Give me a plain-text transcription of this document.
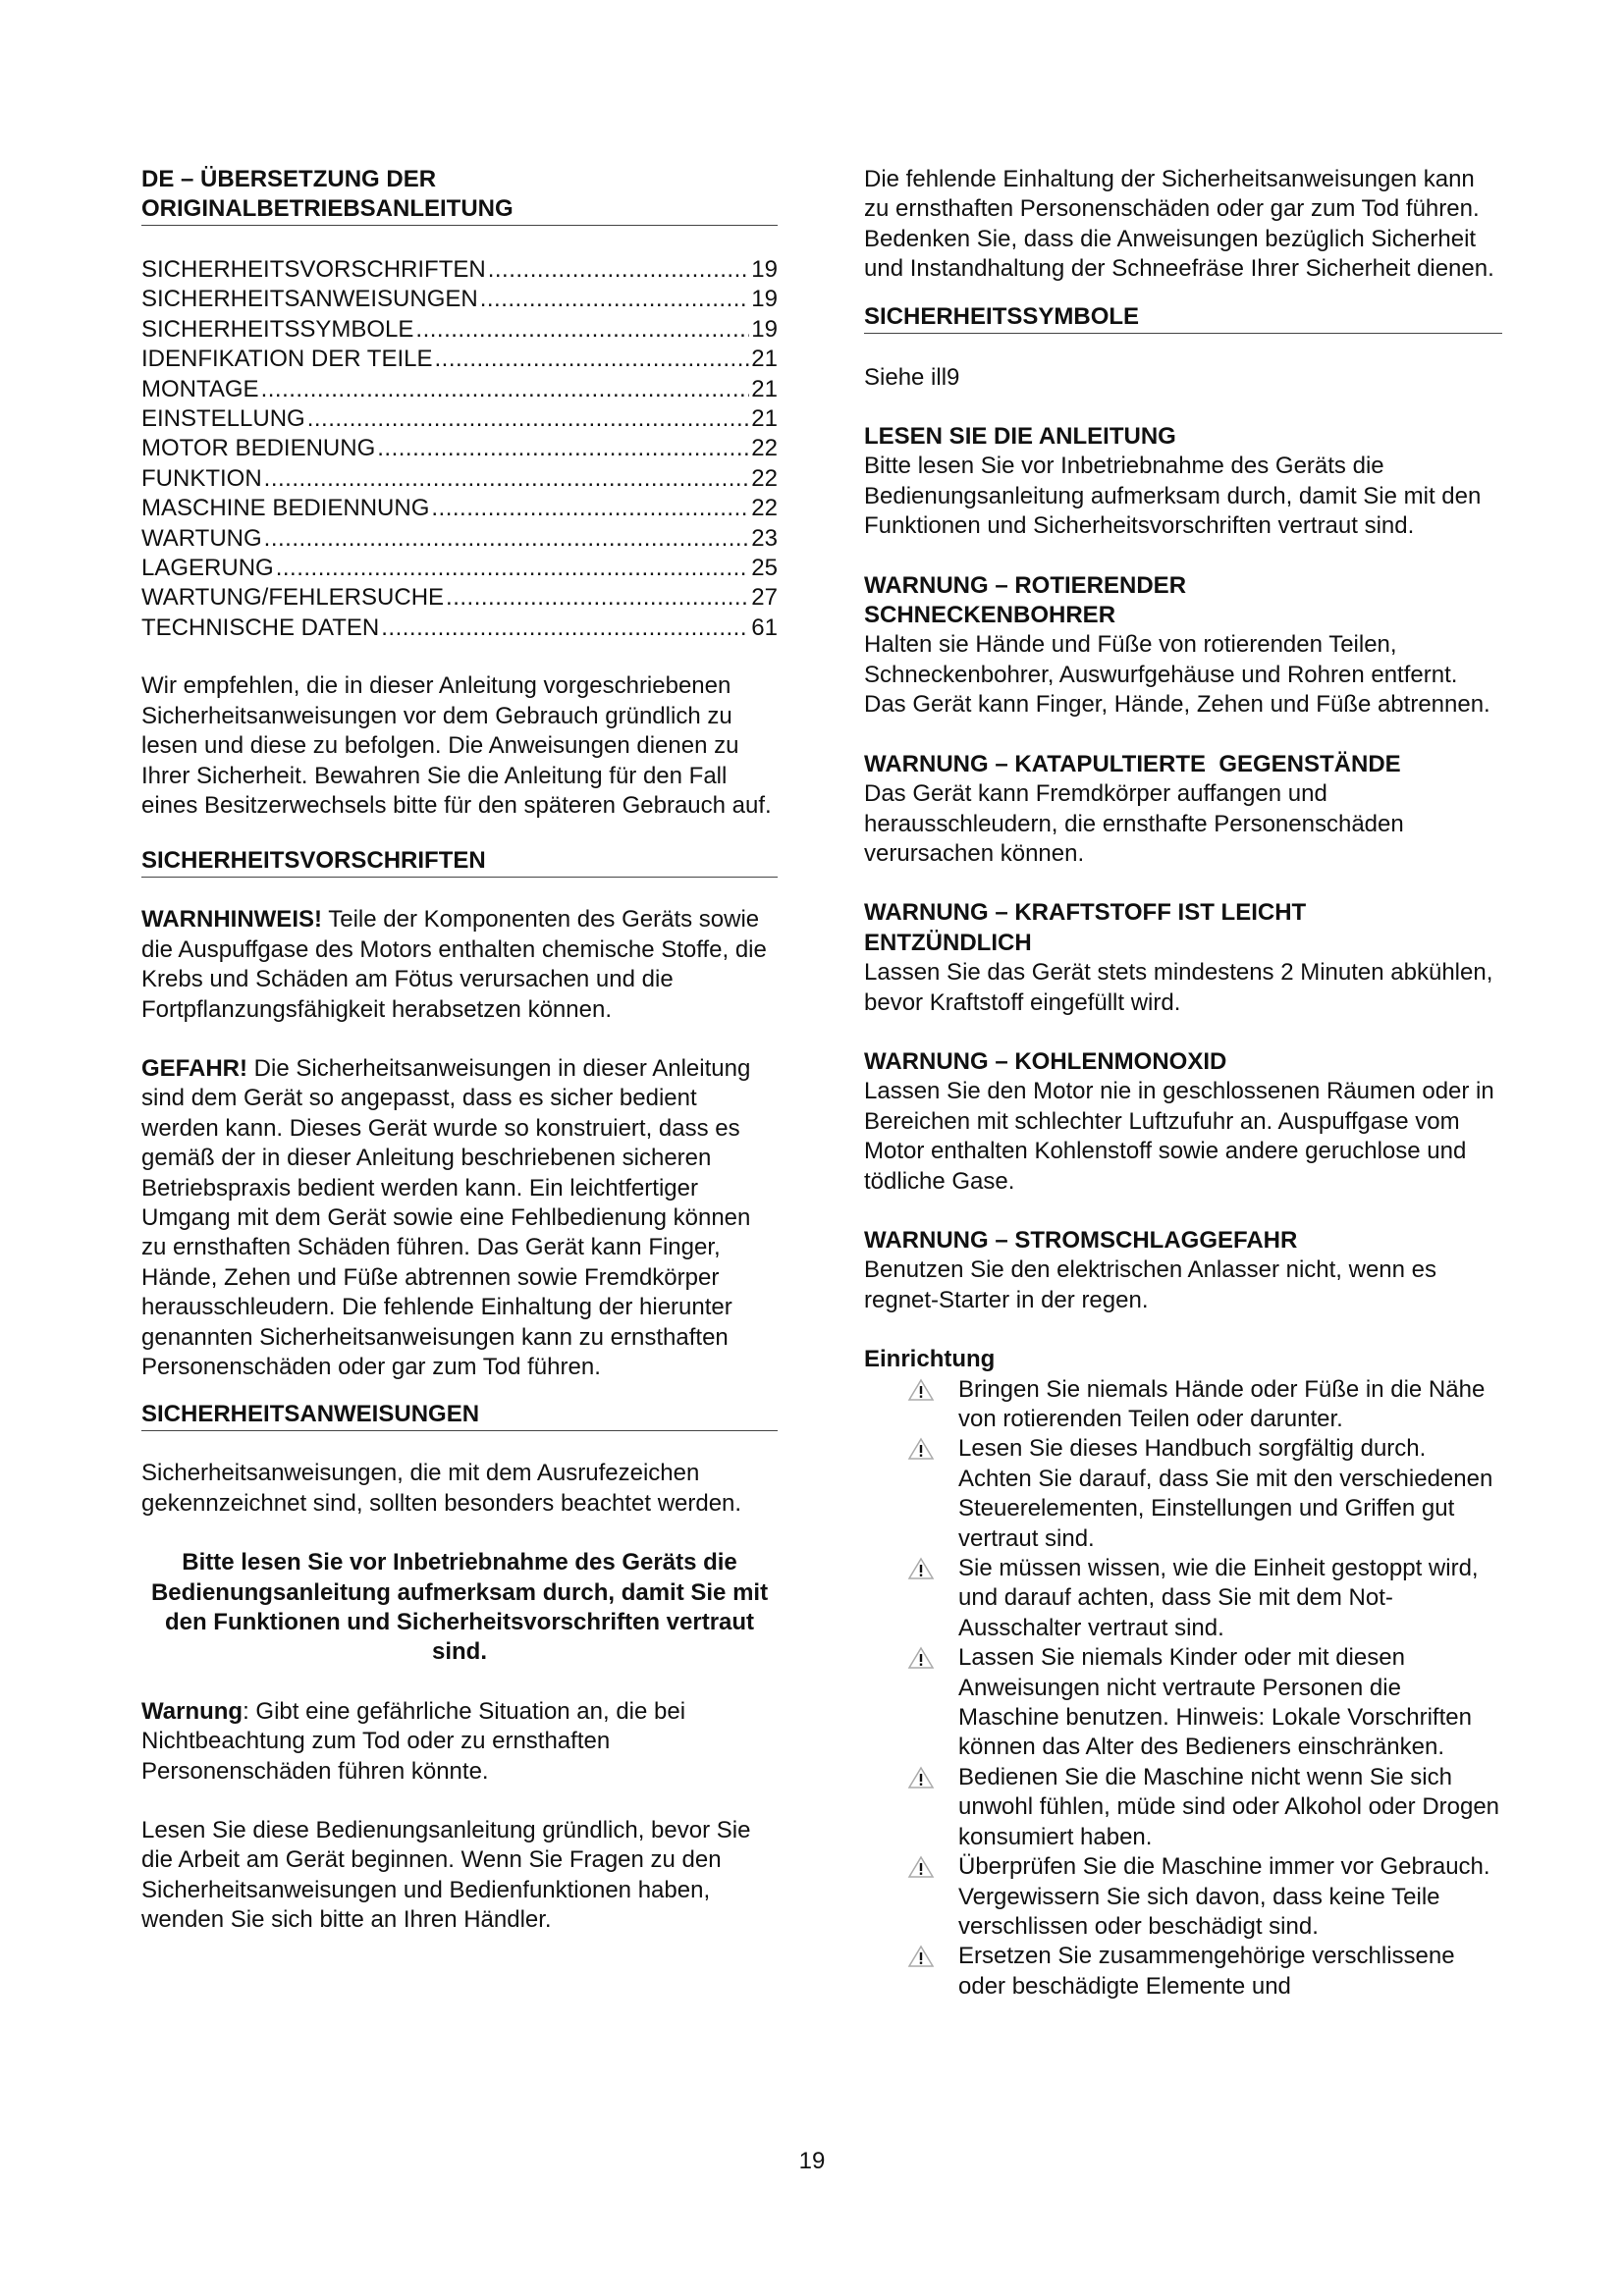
DE – ÜBERSETZUNG DER
ORIGINALBETRIEBSANLEITUNG
SICHERHEITSVORSCHRIFTEN .....	19
SICHERHEITSANWEISUNGEN .....	19
SICHERHEITSSYMBOLE .....	19
IDENFIKATION DER TEILE .....	21
MONTAGE .....	21
EINSTELLUNG .....	21
MOTOR BEDIENUNG .....	22
FUNKTION .....	22
MASCHINE BEDIENNUNG .....	22
WARTUNG .....	23
LAGERUNG .....	25
WARTUNG/FEHLERSUCHE .....	27
TECHNISCHE DATEN .....	61
Wir empfehlen, die in dieser Anleitung vorgeschriebenen Sicherheitsanweisungen vor dem Gebrauch gründlich zu lesen und diese zu befolgen. Die Anweisungen dienen zu Ihrer Sicherheit. Bewahren Sie die Anleitung für den Fall eines Besitzerwechsels bitte für den späteren Gebrauch auf.
SICHERHEITSVORSCHRIFTEN
WARNHINWEIS! Teile der Komponenten des Geräts sowie die Auspuffgase des Motors enthalten chemische Stoffe, die Krebs und Schäden am Fötus verursachen und die Fortpflanzungsfähigkeit herabsetzen können.
GEFAHR! Die Sicherheitsanweisungen in dieser Anleitung sind dem Gerät so angepasst, dass es sicher bedient werden kann. Dieses Gerät wurde so konstruiert, dass es gemäß der in dieser Anleitung beschriebenen sicheren Betriebspraxis bedient werden kann. Ein leichtfertiger Umgang mit dem Gerät sowie eine Fehlbedienung können zu ernsthaften Schäden führen. Das Gerät kann Finger, Hände, Zehen und Füße abtrennen sowie Fremdkörper herausschleudern. Die fehlende Einhaltung der hierunter genannten Sicherheitsanweisungen kann zu ernsthaften Personenschäden oder gar zum Tod führen.
SICHERHEITSANWEISUNGEN
Sicherheitsanweisungen, die mit dem Ausrufezeichen gekennzeichnet sind, sollten besonders beachtet werden.
Bitte lesen Sie vor Inbetriebnahme des Geräts die Bedienungsanleitung aufmerksam durch, damit Sie mit den Funktionen und Sicherheitsvorschriften vertraut sind.
Warnung: Gibt eine gefährliche Situation an, die bei Nichtbeachtung zum Tod oder zu ernsthaften Personenschäden führen könnte.
Lesen Sie diese Bedienungsanleitung gründlich, bevor Sie die Arbeit am Gerät beginnen. Wenn Sie Fragen zu den Sicherheitsanweisungen und Bedienfunktionen haben, wenden Sie sich bitte an Ihren Händler.
Die fehlende Einhaltung der Sicherheitsanweisungen kann zu ernsthaften Personenschäden oder gar zum Tod führen. Bedenken Sie, dass die Anweisungen bezüglich Sicherheit und Instandhaltung der Schneefräse Ihrer Sicherheit dienen.
SICHERHEITSSYMBOLE
Siehe ill9
LESEN SIE DIE ANLEITUNG
Bitte lesen Sie vor Inbetriebnahme des Geräts die Bedienungsanleitung aufmerksam durch, damit Sie mit den Funktionen und Sicherheitsvorschriften vertraut sind.
WARNUNG – ROTIERENDER
SCHNECKENBOHRER
Halten sie Hände und Füße von rotierenden Teilen, Schneckenbohrer, Auswurfgehäuse und Rohren entfernt. Das Gerät kann Finger, Hände, Zehen und Füße abtrennen.
WARNUNG – KATAPULTIERTE  GEGENSTÄNDE
Das Gerät kann Fremdkörper auffangen und herausschleudern, die ernsthafte Personenschäden verursachen können.
WARNUNG – KRAFTSTOFF IST LEICHT
ENTZÜNDLICH
Lassen Sie das Gerät stets mindestens 2 Minuten abkühlen, bevor Kraftstoff eingefüllt wird.
WARNUNG – KOHLENMONOXID
Lassen Sie den Motor nie in geschlossenen Räumen oder in Bereichen mit schlechter Luftzufuhr an. Auspuffgase vom Motor enthalten Kohlenstoff sowie andere geruchlose und tödliche Gase.
WARNUNG – STROMSCHLAGGEFAHR
Benutzen Sie den elektrischen Anlasser nicht, wenn es regnet-Starter in der regen.
Einrichtung
Bringen Sie niemals Hände oder Füße in die Nähe von rotierenden Teilen oder darunter.
Lesen Sie dieses Handbuch sorgfältig durch. Achten Sie darauf, dass Sie mit den verschiedenen Steuerelementen, Einstellungen und Griffen gut vertraut sind.
Sie müssen wissen, wie die Einheit gestoppt wird, und darauf achten, dass Sie mit dem Not-Ausschalter vertraut sind.
Lassen Sie niemals Kinder oder mit diesen Anweisungen nicht vertraute Personen die Maschine benutzen. Hinweis: Lokale Vorschriften können das Alter des Bedieners einschränken.
Bedienen Sie die Maschine nicht wenn Sie sich unwohl fühlen, müde sind oder Alkohol oder Drogen konsumiert haben.
Überprüfen Sie die Maschine immer vor Gebrauch. Vergewissern Sie sich davon, dass keine Teile verschlissen oder beschädigt sind.
Ersetzen Sie zusammengehörige verschlissene oder beschädigte Elemente und
19
